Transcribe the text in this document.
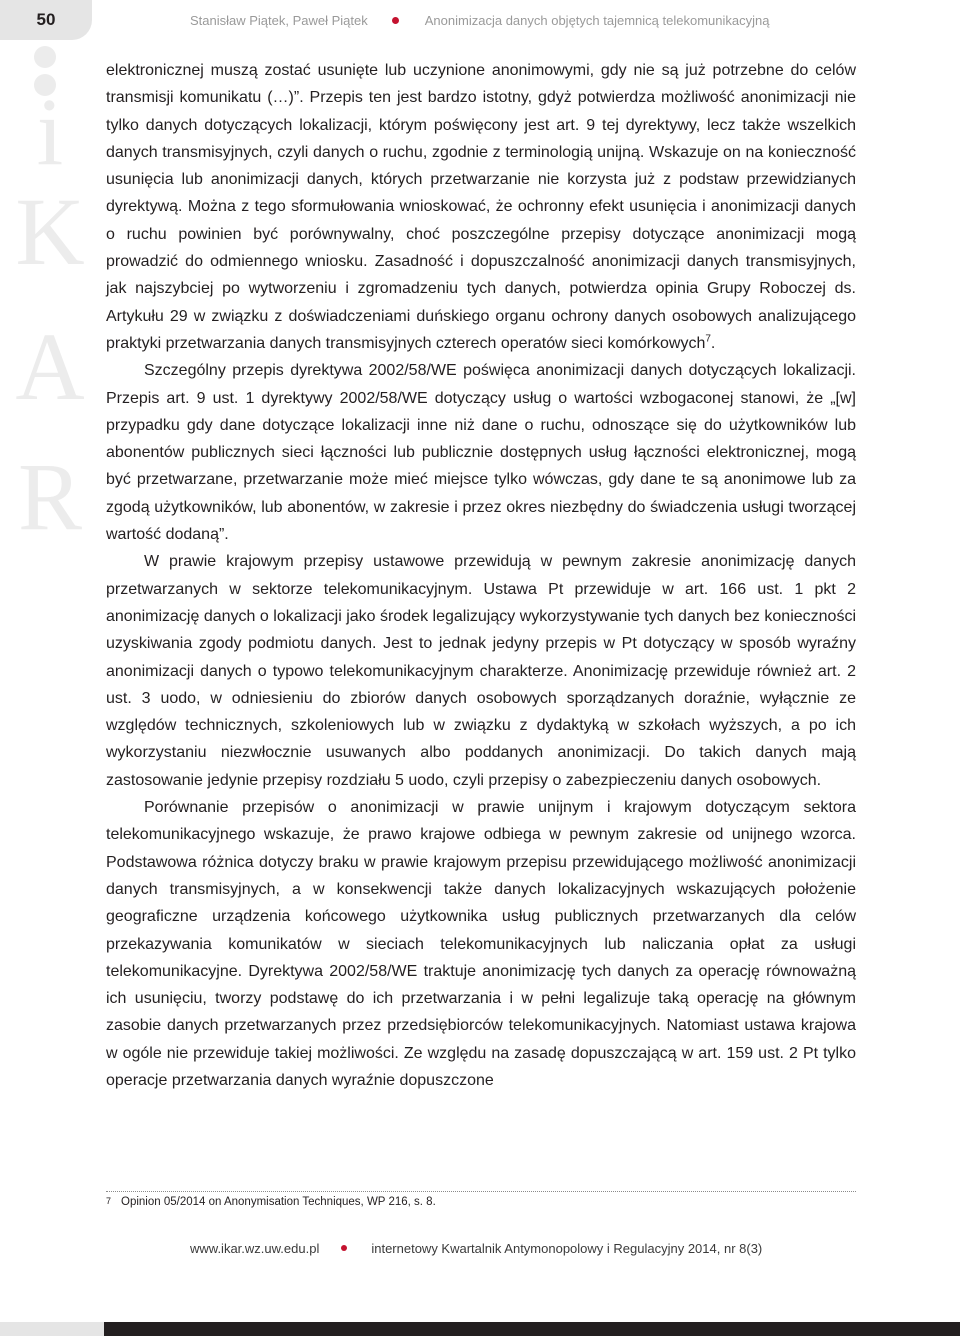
50	Stanisław Piątek, Paweł Piątek	Anonimizacja danych objętych tajemnicą telekomunikacyjną
i
K
A
R

elektronicznej muszą zostać usunięte lub uczynione anonimowymi, gdy nie są już potrzebne do celów transmisji komunikatu (…)”. Przepis ten jest bardzo istotny, gdyż potwierdza możliwość anonimizacji nie tylko danych dotyczących lokalizacji, którym poświęcony jest art. 9 tej dyrektywy, lecz także wszelkich danych transmisyjnych, czyli danych o ruchu, zgodnie z terminologią unijną. Wskazuje on na konieczność usunięcia lub anonimizacji danych, których przetwarzanie nie korzysta już z podstaw przewidzianych dyrektywą. Można z tego sformułowania wnioskować, że ochronny efekt usunięcia i anonimizacji danych o ruchu powinien być porównywalny, choć poszczególne przepisy dotyczące anonimizacji mogą prowadzić do odmiennego wniosku. Zasadność i dopuszczalność anonimizacji danych transmisyjnych, jak najszybciej po wytworzeniu i zgromadzeniu tych danych, potwierdza opinia Grupy Roboczej ds. Artykułu 29 w związku z doświadczeniami duńskiego organu ochrony danych osobowych analizującego praktyki przetwarzania danych transmisyjnych czterech operatów sieci komórkowych$^7$.

Szczególny przepis dyrektywa 2002/58/WE poświęca anonimizacji danych dotyczących lokalizacji. Przepis art. 9 ust. 1 dyrektywy 2002/58/WE dotyczący usług o wartości wzbogaconej stanowi, że „[w] przypadku gdy dane dotyczące lokalizacji inne niż dane o ruchu, odnoszące się do użytkowników lub abonentów publicznych sieci łączności lub publicznie dostępnych usług łączności elektronicznej, mogą być przetwarzane, przetwarzanie może mieć miejsce tylko wówczas, gdy dane te są anonimowe lub za zgodą użytkowników, lub abonentów, w zakresie i przez okres niezbędny do świadczenia usługi tworzącej wartość dodaną”.

W prawie krajowym przepisy ustawowe przewidują w pewnym zakresie anonimizację danych przetwarzanych w sektorze telekomunikacyjnym. Ustawa Pt przewiduje w art. 166 ust. 1 pkt 2 anonimizację danych o lokalizacji jako środek legalizujący wykorzystywanie tych danych bez konieczności uzyskiwania zgody podmiotu danych. Jest to jednak jedyny przepis w Pt dotyczący w sposób wyraźny anonimizacji danych o typowo telekomunikacyjnym charakterze. Anonimizację przewiduje również art. 2 ust. 3 uodo, w odniesieniu do zbiorów danych osobowych sporządzanych doraźnie, wyłącznie ze względów technicznych, szkoleniowych lub w związku z dydaktyką w szkołach wyższych, a po ich wykorzystaniu niezwłocznie usuwanych albo poddanych anonimizacji. Do takich danych mają zastosowanie jedynie przepisy rozdziału 5 uodo, czyli przepisy o zabezpieczeniu danych osobowych.

Porównanie przepisów o anonimizacji w prawie unijnym i krajowym dotyczącym sektora telekomunikacyjnego wskazuje, że prawo krajowe odbiega w pewnym zakresie od unijnego wzorca. Podstawowa różnica dotyczy braku w prawie krajowym przepisu przewidującego możliwość anonimizacji danych transmisyjnych, a w konsekwencji także danych lokalizacyjnych wskazujących położenie geograficzne urządzenia końcowego użytkownika usług publicznych przetwarzanych dla celów przekazywania komunikatów w sieciach telekomunikacyjnych lub naliczania opłat za usługi telekomunikacyjne. Dyrektywa 2002/58/WE traktuje anonimizację tych danych za operację równoważną ich usunięciu, tworzy podstawę do ich przetwarzania i w pełni legalizuje taką operację na głównym zasobie danych przetwarzanych przez przedsiębiorców telekomunikacyjnych. Natomiast ustawa krajowa w ogóle nie przewiduje takiej możliwości. Ze względu na zasadę dopuszczającą w art. 159 ust. 2 Pt tylko operacje przetwarzania danych wyraźnie dopuszczone

$^7$ Opinion 05/2014 on Anonymisation Techniques, WP 216, s. 8.
www.ikar.wz.uw.edu.pl	internetowy Kwartalnik Antymonopolowy i Regulacyjny 2014, nr 8(3)
